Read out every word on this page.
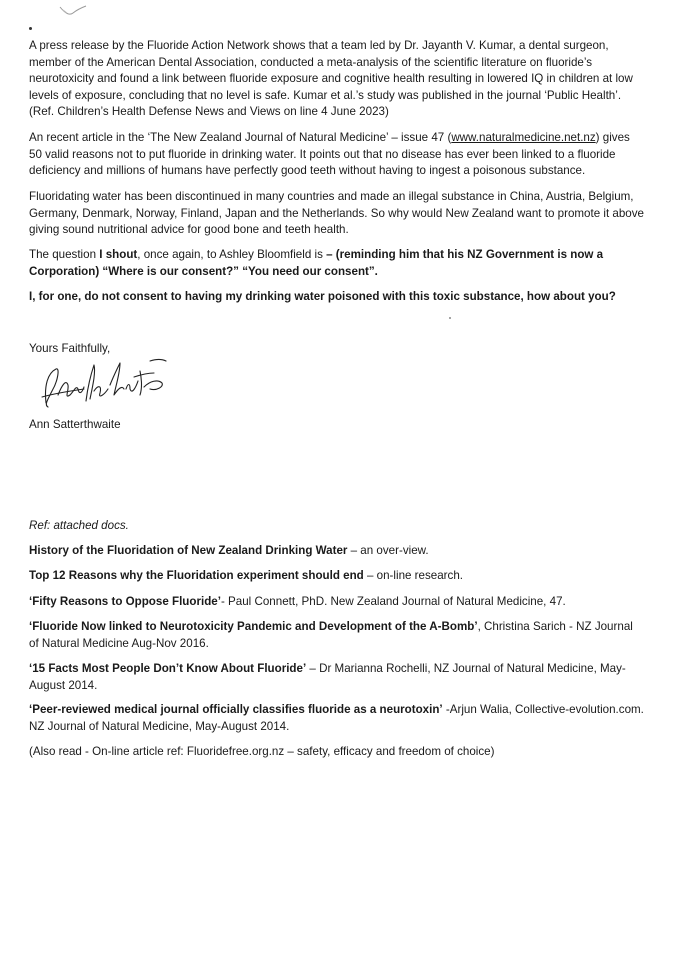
A press release by the Fluoride Action Network shows that a team led by Dr. Jayanth V. Kumar, a dental surgeon, member of the American Dental Association, conducted a meta-analysis of the scientific literature on fluoride’s neurotoxicity and found a link between fluoride exposure and cognitive health resulting in lowered IQ in children at low levels of exposure, concluding that no level is safe. Kumar et al.’s study was published in the journal ‘Public Health’. (Ref. Children’s Health Defense News and Views on line 4 June 2023)

An recent article in the ‘The New Zealand Journal of Natural Medicine’ – issue 47 (www.naturalmedicine.net.nz) gives 50 valid reasons not to put fluoride in drinking water. It points out that no disease has ever been linked to a fluoride deficiency and millions of humans have perfectly good teeth without having to ingest a poisonous substance.

Fluoridating water has been discontinued in many countries and made an illegal substance in China, Austria, Belgium, Germany, Denmark, Norway, Finland, Japan and the Netherlands. So why would New Zealand want to promote it above giving sound nutritional advice for good bone and teeth health.

The question I shout, once again, to Ashley Bloomfield is – (reminding him that his NZ Government is now a Corporation) “Where is our consent?” “You need our consent”.

I, for one, do not consent to having my drinking water poisoned with this toxic substance, how about you?

Yours Faithfully,
Ann Satterthwaite
Ref: attached docs.

History of the Fluoridation of New Zealand Drinking Water – an over-view.

Top 12 Reasons why the Fluoridation experiment should end – on-line research.

‘Fifty Reasons to Oppose Fluoride’- Paul Connett, PhD. New Zealand Journal of Natural Medicine, 47.

‘Fluoride Now linked to Neurotoxicity Pandemic and Development of the A-Bomb’, Christina Sarich - NZ Journal of Natural Medicine Aug-Nov 2016.

‘15 Facts Most People Don’t Know About Fluoride’ – Dr Marianna Rochelli, NZ Journal of Natural Medicine, May-August 2014.

‘Peer-reviewed medical journal officially classifies fluoride as a neurotoxin’ -Arjun Walia, Collective-evolution.com. NZ Journal of Natural Medicine, May-August 2014.

(Also read - On-line article ref: Fluoridefree.org.nz – safety, efficacy and freedom of choice)
